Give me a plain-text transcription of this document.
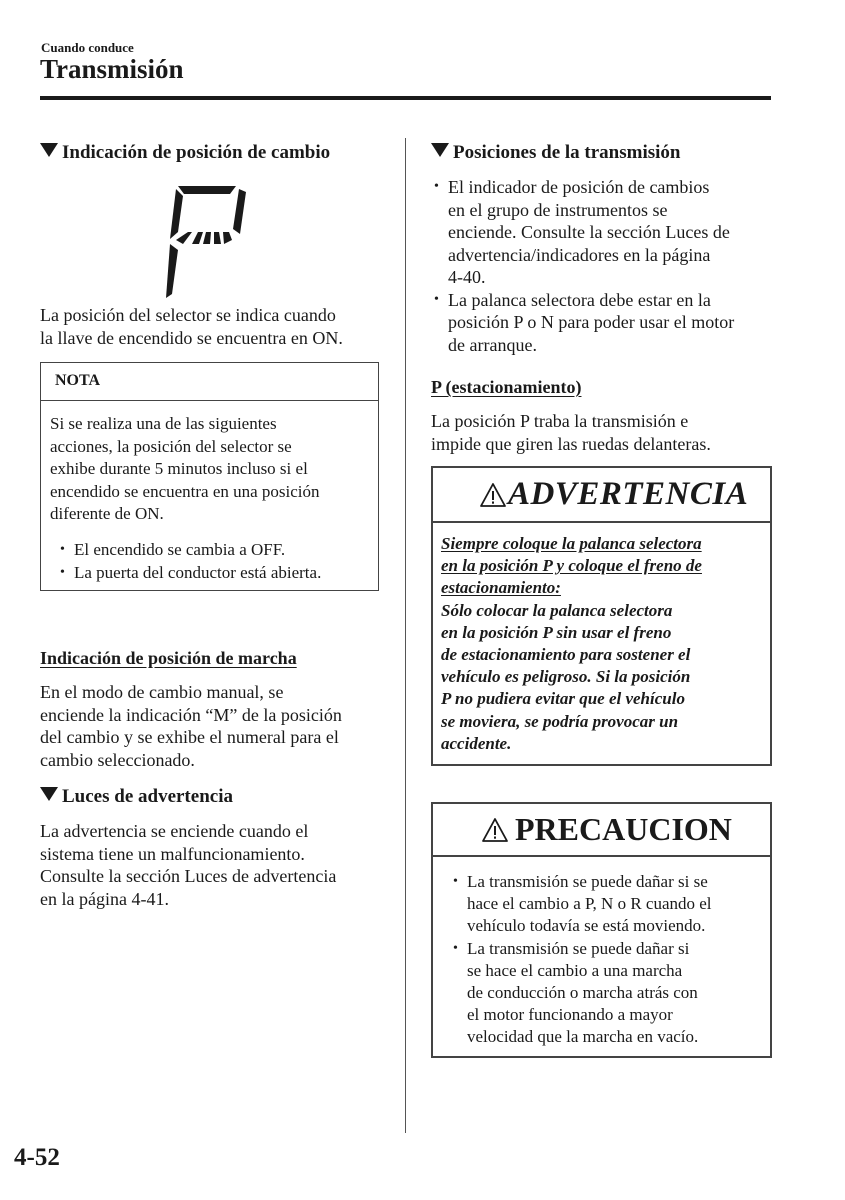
Cuando conduce
Transmisión
Indicación de posición de cambio
La posición del selector se indica cuando
la llave de encendido se encuentra en ON.
NOTA
Si se realiza una de las siguientes
acciones, la posición del selector se
exhibe durante 5 minutos incluso si el
encendido se encuentra en una posición
diferente de ON.
• El encendido se cambia a OFF.
• La puerta del conductor está abierta.
Indicación de posición de marcha
En el modo de cambio manual, se
enciende la indicación “M” de la posición
del cambio y se exhibe el numeral para el
cambio seleccionado.
Luces de advertencia
La advertencia se enciende cuando el
sistema tiene un malfuncionamiento.
Consulte la sección Luces de advertencia
en la página 4-41.
Posiciones de la transmisión
• El indicador de posición de cambios
en el grupo de instrumentos se
enciende. Consulte la sección Luces de
advertencia/indicadores en la página
4-40.
• La palanca selectora debe estar en la
posición P o N para poder usar el motor
de arranque.
P (estacionamiento)
La posición P traba la transmisión e
impide que giren las ruedas delanteras.
ADVERTENCIA
Siempre coloque la palanca selectora
en la posición P y coloque el freno de
estacionamiento:
Sólo colocar la palanca selectora
en la posición P sin usar el freno
de estacionamiento para sostener el
vehículo es peligroso. Si la posición
P no pudiera evitar que el vehículo
se moviera, se podría provocar un
accidente.
PRECAUCION
• La transmisión se puede dañar si se
hace el cambio a P, N o R cuando el
vehículo todavía se está moviendo.
• La transmisión se puede dañar si
se hace el cambio a una marcha
de conducción o marcha atrás con
el motor funcionando a mayor
velocidad que la marcha en vacío.
4-52
